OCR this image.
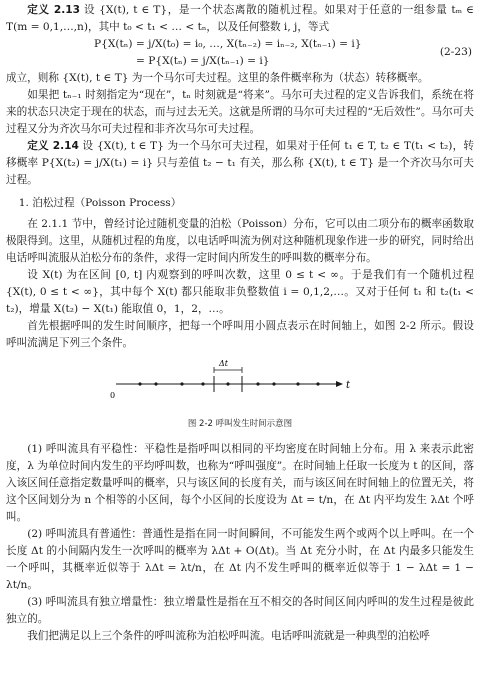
定义 2.13 设 {X(t), t ∈ T}，是一个状态离散的随机过程。如果对于任意的一组参量 tₘ ∈ T(m = 0,1,…,n)，其中 t₀ < t₁ < … < tₙ，以及任何整数 i, j，等式

P{X(tₙ) = j/X(t₀) = i₀, …, X(tₙ₋₂) = iₙ₋₂, X(tₙ₋₁) = i}
= P{X(tₙ) = j/X(tₙ₋₁) = i}
(2-23)

成立，则称 {X(t), t ∈ T} 为一个马尔可夫过程。这里的条件概率称为（状态）转移概率。

如果把 tₙ₋₁ 时刻指定为“现在”，tₙ 时刻就是“将来”。马尔可夫过程的定义告诉我们，系统在将来的状态只决定于现在的状态，而与过去无关。这就是所谓的马尔可夫过程的“无后效性”。马尔可夫过程又分为齐次马尔可夫过程和非齐次马尔可夫过程。

定义 2.14 设 {X(t), t ∈ T} 为一个马尔可夫过程，如果对于任何 t₁ ∈ T, t₂ ∈ T(t₁ < t₂)，转移概率 P{X(t₂) = j/X(t₁) = i} 只与差值 t₂ − t₁ 有关，那么称 {X(t), t ∈ T} 是一个齐次马尔可夫过程。

1. 泊松过程（Poisson Process）

在 2.1.1 节中，曾经讨论过随机变量的泊松（Poisson）分布，它可以由二项分布的概率函数取极限得到。这里，从随机过程的角度，以电话呼叫流为例对这种随机现象作进一步的研究，同时给出电话呼叫流服从泊松分布的条件，求得一定时间内所发生的呼叫数的概率分布。

设 X(t) 为在区间 [0, t] 内观察到的呼叫次数，这里 0 ≤ t < ∞。于是我们有一个随机过程 {X(t), 0 ≤ t < ∞}，其中每个 X(t) 都只能取非负整数值 i = 0,1,2,…。又对于任何 t₁ 和 t₂(t₁ < t₂)，增量 X(t₂) − X(t₁) 能取值 0，1，2，…。

首先根据呼叫的发生时间顺序，把每一个呼叫用小圆点表示在时间轴上，如图 2-2 所示。假设呼叫流满足下列三个条件。

t
0
Δt

图 2-2 呼叫发生时间示意图

(1) 呼叫流具有平稳性：平稳性是指呼叫以相同的平均密度在时间轴上分布。用 λ 来表示此密度，λ 为单位时间内发生的平均呼叫数，也称为“呼叫强度”。在时间轴上任取一长度为 t 的区间，落入该区间任意指定数量呼叫的概率，只与该区间的长度有关，而与该区间在时间轴上的位置无关，将这个区间划分为 n 个相等的小区间，每个小区间的长度设为 Δt = t/n，在 Δt 内平均发生 λΔt 个呼叫。

(2) 呼叫流具有普通性：普通性是指在同一时间瞬间，不可能发生两个或两个以上呼叫。在一个长度 Δt 的小间隔内发生一次呼叫的概率为 λΔt + O(Δt)。当 Δt 充分小时，在 Δt 内最多只能发生一个呼叫，其概率近似等于 λΔt = λt/n，在 Δt 内不发生呼叫的概率近似等于 1 − λΔt = 1 − λt/n。

(3) 呼叫流具有独立增量性：独立增量性是指在互不相交的各时间区间内呼叫的发生过程是彼此独立的。

我们把满足以上三个条件的呼叫流称为泊松呼叫流。电话呼叫流就是一种典型的泊松呼
